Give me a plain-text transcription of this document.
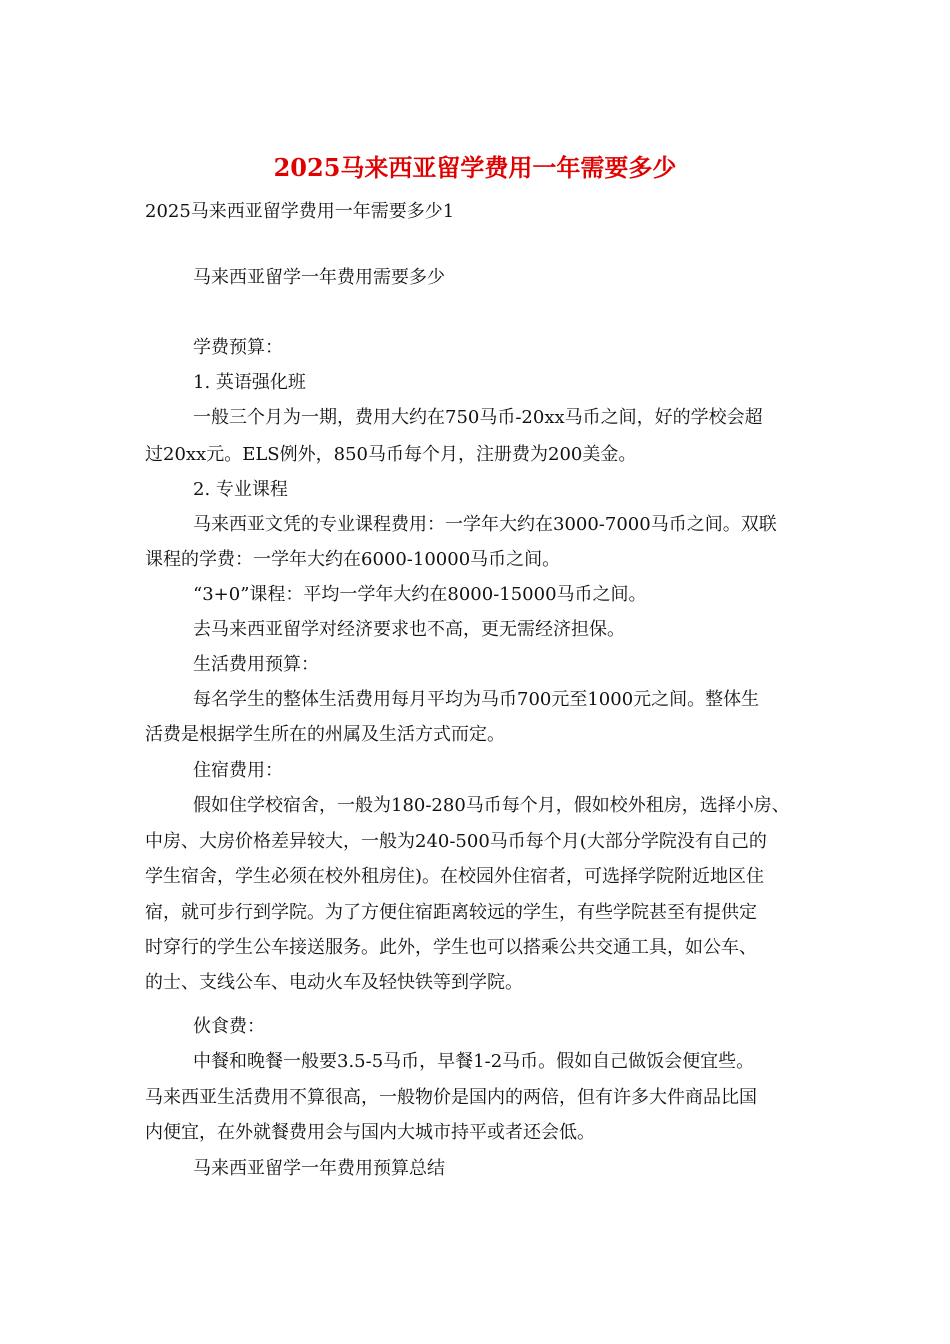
2025马来西亚留学费用一年需要多少
2025马来西亚留学费用一年需要多少1
马来西亚留学一年费用需要多少
学费预算：
1. 英语强化班
一般三个月为一期，费用大约在750马币-20xx马币之间，好的学校会超
过20xx元。ELS例外，850马币每个月，注册费为200美金。
2. 专业课程
马来西亚文凭的专业课程费用：一学年大约在3000-7000马币之间。双联
课程的学费：一学年大约在6000-10000马币之间。
“3+0”课程：平均一学年大约在8000-15000马币之间。
去马来西亚留学对经济要求也不高，更无需经济担保。
生活费用预算：
每名学生的整体生活费用每月平均为马币700元至1000元之间。整体生
活费是根据学生所在的州属及生活方式而定。
住宿费用：
假如住学校宿舍，一般为180-280马币每个月，假如校外租房，选择小房、
中房、大房价格差异较大，一般为240-500马币每个月(大部分学院没有自己的
学生宿舍，学生必须在校外租房住)。在校园外住宿者，可选择学院附近地区住
宿，就可步行到学院。为了方便住宿距离较远的学生，有些学院甚至有提供定
时穿行的学生公车接送服务。此外，学生也可以搭乘公共交通工具，如公车、
的士、支线公车、电动火车及轻快铁等到学院。
伙食费：
中餐和晚餐一般要3.5-5马币，早餐1-2马币。假如自己做饭会便宜些。
马来西亚生活费用不算很高，一般物价是国内的两倍，但有许多大件商品比国
内便宜，在外就餐费用会与国内大城市持平或者还会低。
马来西亚留学一年费用预算总结
